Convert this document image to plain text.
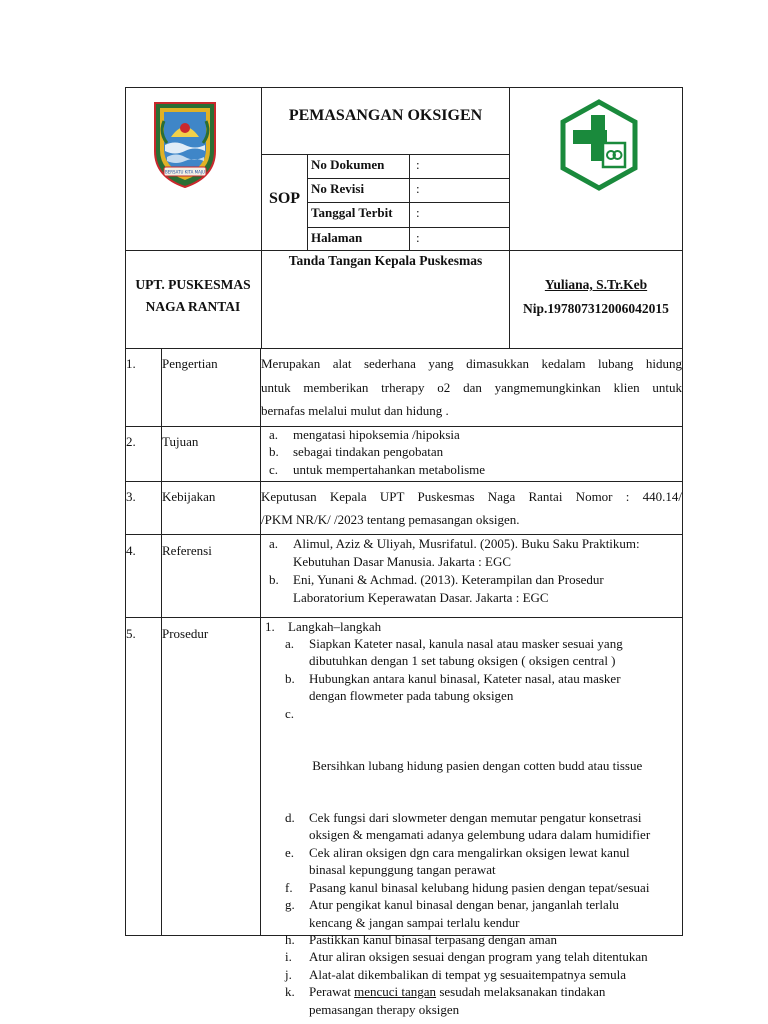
BERSATU KITA MAJU
PEMASANGAN OKSIGEN
SOP
No Dokumen :
No Revisi	:
Tanggal Terbit :
Halaman	:
UPT. PUSKESMAS
NAGA RANTAI
Tanda Tangan Kepala Puskesmas
Yuliana, S.Tr.Keb
Nip.197807312006042015
1. Pengertian	Merupakan alat sederhana yang dimasukkan kedalam lubang hidung
untuk memberikan trherapy o2 dan yangmemungkinkan klien untuk
bernafas melalui mulut dan hidung .
2. Tujuan	a. mengatasi hipoksemia /hipoksia
b. sebagai tindakan pengobatan
c. untuk mempertahankan metabolisme
3. Kebijakan	Keputusan Kepala UPT Puskesmas Naga Rantai Nomor : 440.14/
/PKM NR/K/ /2023 tentang pemasangan oksigen.
4. Referensi	a. Alimul, Aziz & Uliyah, Musrifatul. (2005). Buku Saku Praktikum:
Kebutuhan Dasar Manusia. Jakarta : EGC
b. Eni, Yunani & Achmad. (2013). Keterampilan dan Prosedur
Laboratorium Keperawatan Dasar. Jakarta : EGC
5. Prosedur	1. Langkah–langkah
a. Siapkan Kateter nasal, kanula nasal atau masker sesuai yang
dibutuhkan dengan 1 set tabung oksigen ( oksigen central )
b. Hubungkan antara kanul binasal, Kateter nasal, atau masker
dengan flowmeter pada tabung oksigen

c.

Bersihkan lubang hidung pasien dengan cotten budd atau tissue

d. Cek fungsi dari slowmeter dengan memutar pengatur konsetrasi
oksigen & mengamati adanya gelembung udara dalam humidifier
e. Cek aliran oksigen dgn cara mengalirkan oksigen lewat kanul
binasal kepunggung tangan perawat
f. Pasang kanul binasal kelubang hidung pasien dengan tepat/sesuai
g. Atur pengikat kanul binasal dengan benar, janganlah terlalu
kencang & jangan sampai terlalu kendur
h. Pastikkan kanul binasal terpasang dengan aman
i. Atur aliran oksigen sesuai dengan program yang telah ditentukan
j. Alat-alat dikembalikan di tempat yg sesuaitempatnya semula
k. Perawat mencuci tangan sesudah melaksanakan tindakan
pemasangan therapy oksigen
